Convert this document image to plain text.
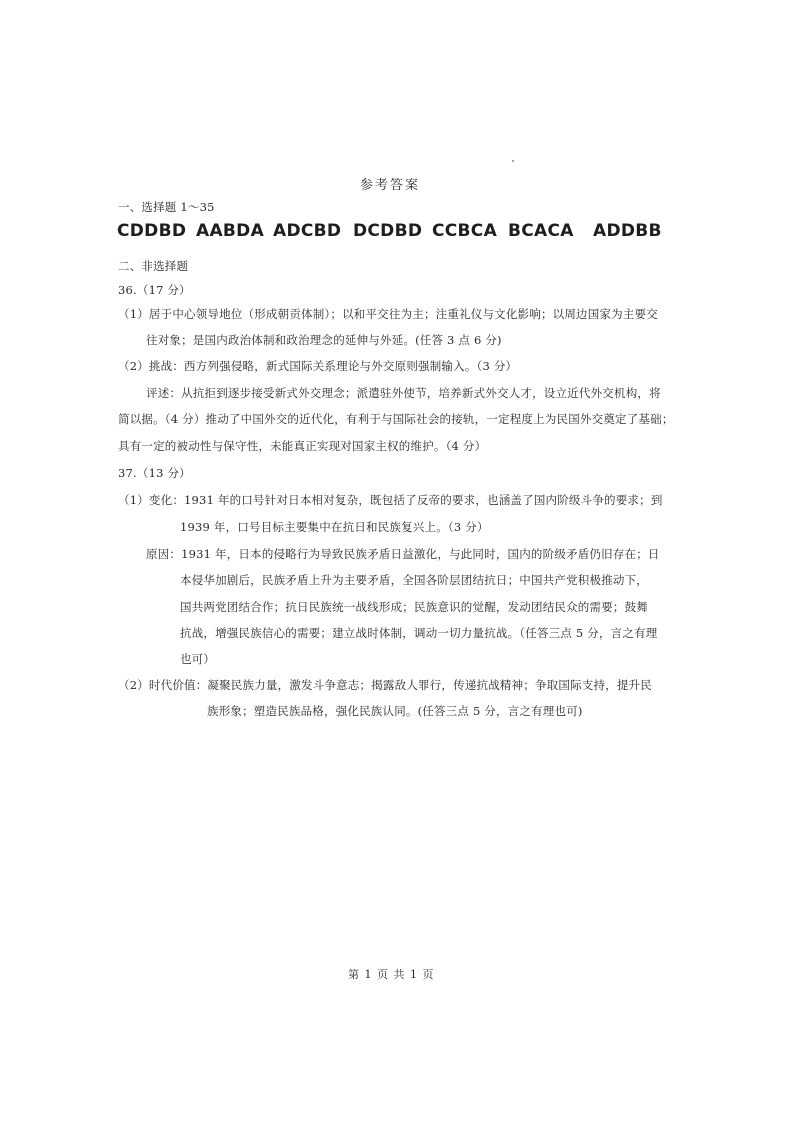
参考答案
一、选择题 1～35
CDDBD AABDA ADCBD DCDBD CCBCA BCACA ADDBB
二、非选择题
36.（17 分）
（1）居于中心领导地位（形成朝贡体制）；以和平交往为主；注重礼仪与文化影响；以周边国家为主要交
往对象；是国内政治体制和政治理念的延伸与外延。(任答 3 点 6 分)
（2）挑战：西方列强侵略，新式国际关系理论与外交原则强制输入。（3 分）
评述：从抗拒到逐步接受新式外交理念；派遣驻外使节，培养新式外交人才，设立近代外交机构，将
简以据。（4 分）推动了中国外交的近代化，有利于与国际社会的接轨，一定程度上为民国外交奠定了基础；
具有一定的被动性与保守性，未能真正实现对国家主权的维护。（4 分）
37.（13 分）
（1）变化：1931 年的口号针对日本相对复杂，既包括了反帝的要求，也涵盖了国内阶级斗争的要求；到
1939 年，口号目标主要集中在抗日和民族复兴上。（3 分）
原因：1931 年，日本的侵略行为导致民族矛盾日益激化，与此同时，国内的阶级矛盾仍旧存在；日
本侵华加剧后，民族矛盾上升为主要矛盾，全国各阶层团结抗日；中国共产党积极推动下，
国共两党团结合作；抗日民族统一战线形成；民族意识的觉醒，发动团结民众的需要；鼓舞
抗战，增强民族信心的需要；建立战时体制，调动一切力量抗战。（任答三点 5 分，言之有理
也可）
（2）时代价值：凝聚民族力量，激发斗争意志；揭露敌人罪行，传递抗战精神；争取国际支持，提升民
族形象；塑造民族品格，强化民族认同。(任答三点 5 分，言之有理也可)
第 1 页 共 1 页
